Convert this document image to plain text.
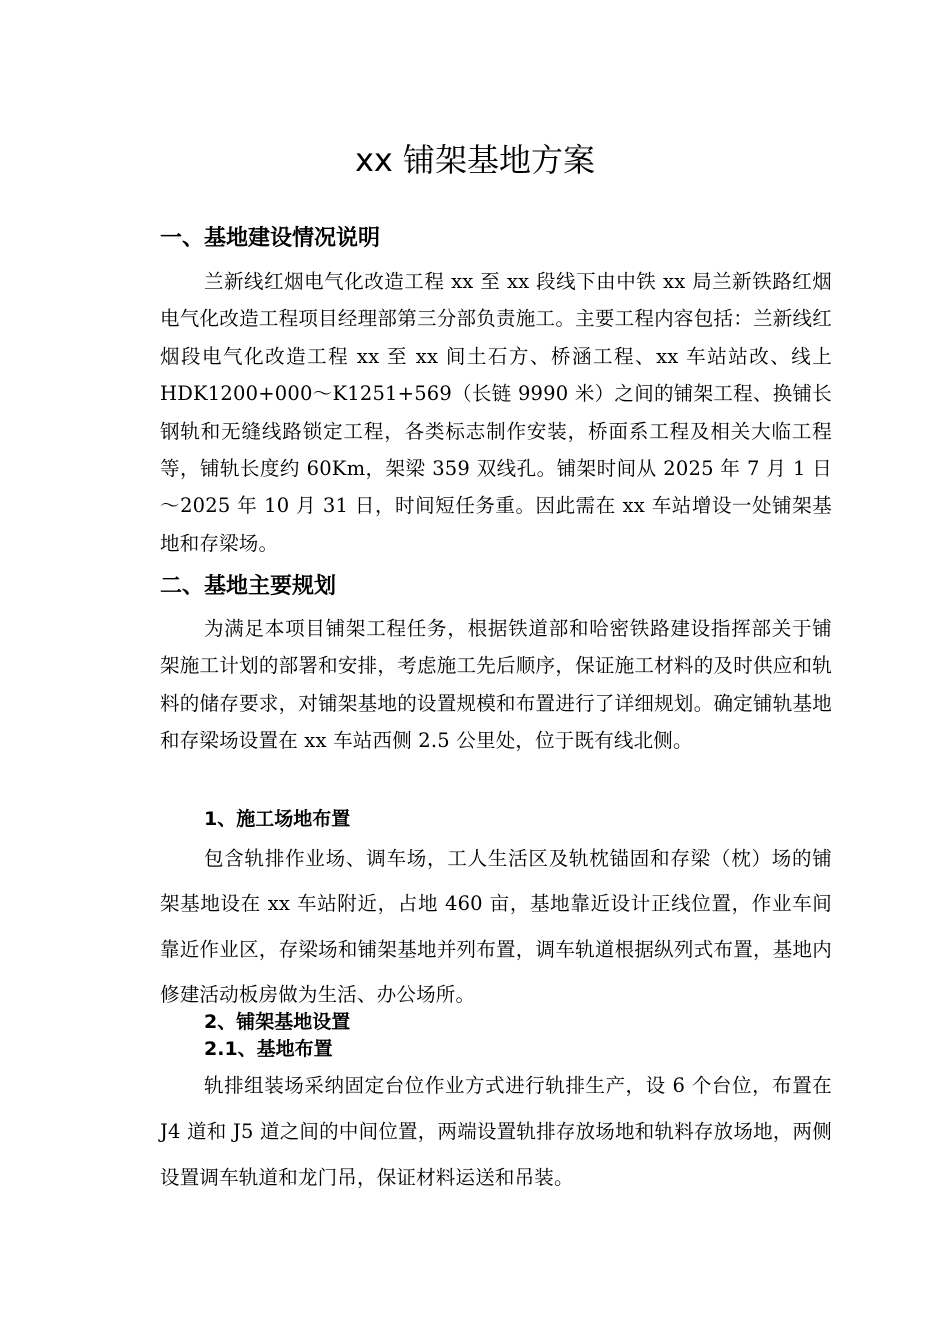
xx 铺架基地方案
一、基地建设情况说明

兰新线红烟电气化改造工程 xx 至 xx 段线下由中铁 xx 局兰新铁路红烟电气化改造工程项目经理部第三分部负责施工。主要工程内容包括：兰新线红烟段电气化改造工程 xx 至 xx 间土石方、桥涵工程、xx 车站站改、线上 HDK1200+000～K1251+569（长链 9990 米）之间的铺架工程、换铺长钢轨和无缝线路锁定工程，各类标志制作安装，桥面系工程及相关大临工程等，铺轨长度约 60Km，架梁 359 双线孔。铺架时间从 2025 年 7 月 1 日～2025 年 10 月 31 日，时间短任务重。因此需在 xx 车站增设一处铺架基地和存梁场。

二、基地主要规划

为满足本项目铺架工程任务，根据铁道部和哈密铁路建设指挥部关于铺架施工计划的部署和安排，考虑施工先后顺序，保证施工材料的及时供应和轨料的储存要求，对铺架基地的设置规模和布置进行了详细规划。确定铺轨基地和存梁场设置在 xx 车站西侧 2.5 公里处，位于既有线北侧。

1、施工场地布置

包含轨排作业场、调车场，工人生活区及轨枕锚固和存梁（枕）场的铺架基地设在 xx 车站附近，占地 460 亩，基地靠近设计正线位置，作业车间靠近作业区，存梁场和铺架基地并列布置，调车轨道根据纵列式布置，基地内修建活动板房做为生活、办公场所。

2、铺架基地设置
2.1、基地布置

轨排组装场采纳固定台位作业方式进行轨排生产，设 6 个台位，布置在 J4 道和 J5 道之间的中间位置，两端设置轨排存放场地和轨料存放场地，两侧设置调车轨道和龙门吊，保证材料运送和吊装。
